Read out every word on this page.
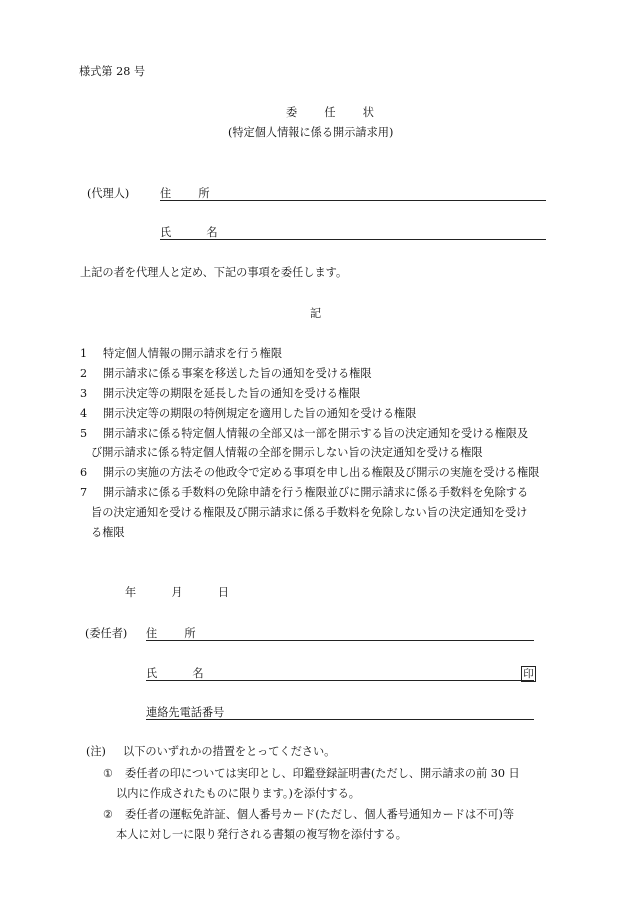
様式第 28 号
委　任　状
(特定個人情報に係る開示請求用)
(代理人)	住　所
氏　名
上記の者を代理人と定め、下記の事項を委任します。
記
1 特定個人情報の開示請求を行う権限
2 開示請求に係る事案を移送した旨の通知を受ける権限
3 開示決定等の期限を延長した旨の通知を受ける権限
4 開示決定等の期限の特例規定を適用した旨の通知を受ける権限
5 開示請求に係る特定個人情報の全部又は一部を開示する旨の決定通知を受ける権限及
び開示請求に係る特定個人情報の全部を開示しない旨の決定通知を受ける権限
6 開示の実施の方法その他政令で定める事項を申し出る権限及び開示の実施を受ける権限
7 開示請求に係る手数料の免除申請を行う権限並びに開示請求に係る手数料を免除する
旨の決定通知を受ける権限及び開示請求に係る手数料を免除しない旨の決定通知を受け
る権限
年　月　日
(委任者) 住　所
氏　名	印
連絡先電話番号
(注) 以下のいずれかの措置をとってください。
① 委任者の印については実印とし、印鑑登録証明書(ただし、開示請求の前 30 日
以内に作成されたものに限ります。)を添付する。
② 委任者の運転免許証、個人番号カード(ただし、個人番号通知カードは不可)等
本人に対し一に限り発行される書類の複写物を添付する。
